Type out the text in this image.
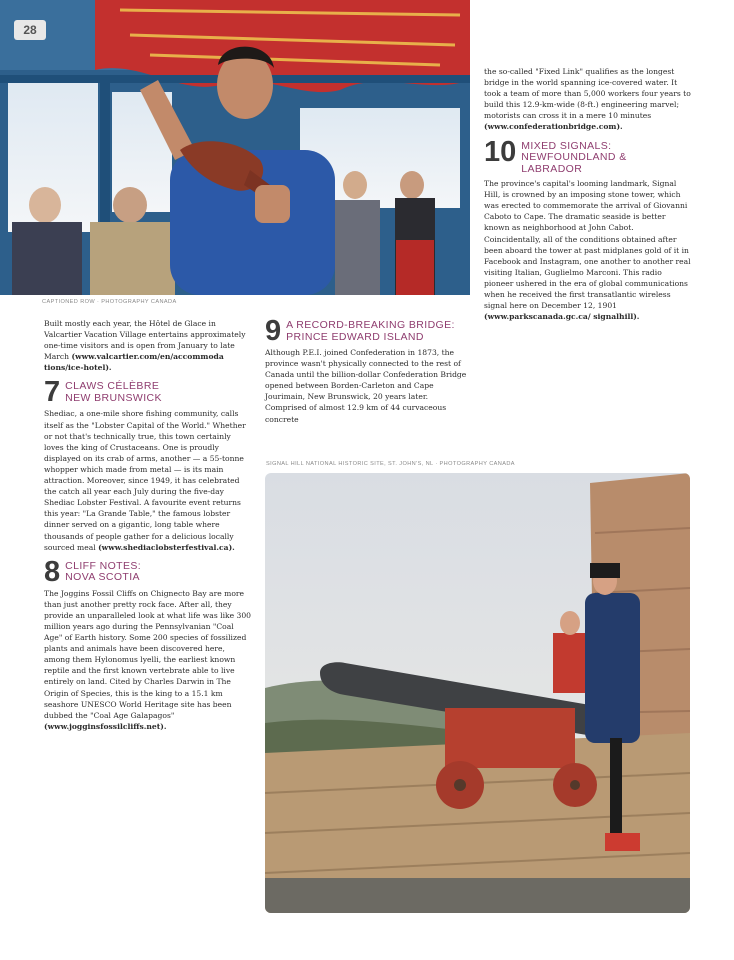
28
CAPTIONED ROW · PHOTOGRAPHY CANADA

Built mostly each year, the Hôtel de Glace in Valcartier Vacation Village entertains approximately one-time visitors and is open from January to late March (www.valcartier.com/en/accommoda tions/ice-hotel).

7 CLAWS CÉLÈBRE NEW BRUNSWICK

Shediac, a one-mile shore fishing community, calls itself as the "Lobster Capital of the World." Whether or not that's technically true, this town certainly loves the king of Crustaceans. One is proudly displayed on its crab of arms, another — a 55-tonne whopper which made from metal — is its main attraction. Moreover, since 1949, it has celebrated the catch all year each July during the five-day Shediac Lobster Festival. A favourite event returns this year: "La Grande Table," the famous lobster dinner served on a gigantic, long table where thousands of people gather for a delicious locally sourced meal (www.shediaclobsterfestival.ca).

8 CLIFF NOTES: NOVA SCOTIA

The Joggins Fossil Cliffs on Chignecto Bay are more than just another pretty rock face. After all, they provide an unparalleled look at what life was like 300 million years ago during the Pennsylvanian "Coal Age" of Earth history. Some 200 species of fossilized plants and animals have been discovered here, among them Hylonomus lyelli, the earliest known reptile and the first known vertebrate able to live entirely on land. Cited by Charles Darwin in The Origin of Species, this is the king to a 15.1 km seashore UNESCO World Heritage site has been dubbed the "Coal Age Galapagos" (www.jogginsfossilcliffs.net).

9 A RECORD-BREAKING BRIDGE: PRINCE EDWARD ISLAND

Although P.E.I. joined Confederation in 1873, the province wasn't physically connected to the rest of Canada until the billion-dollar Confederation Bridge opened between Borden-Carleton and Cape Jourimain, New Brunswick, 20 years later. Comprised of almost 12.9 km of 44 curvaceous concrete

the so-called "Fixed Link" qualifies as the longest bridge in the world spanning ice-covered water. It took a team of more than 5,000 workers four years to build this 12.9-km-wide (8-ft.) engineering marvel; motorists can cross it in a mere 10 minutes (www.confederationbridge.com).

10 MIXED SIGNALS: NEWFOUNDLAND & LABRADOR

The province's capital's looming landmark, Signal Hill, is crowned by an imposing stone tower, which was erected to commemorate the arrival of Giovanni Caboto to Cape. The dramatic seaside is better known as neighborhood at John Cabot. Coincidentally, all of the conditions obtained after been aboard the tower at past midplanes gold of it in Facebook and Instagram, one another to another real visiting Italian, Guglielmo Marconi. This radio pioneer ushered in the era of global communications when he received the first transatlantic wireless signal here on December 12, 1901 (www.parkscanada.gc.ca/ signalhill).

SIGNAL HILL NATIONAL HISTORIC SITE, ST. JOHN'S, NL · PHOTOGRAPHY CANADA
